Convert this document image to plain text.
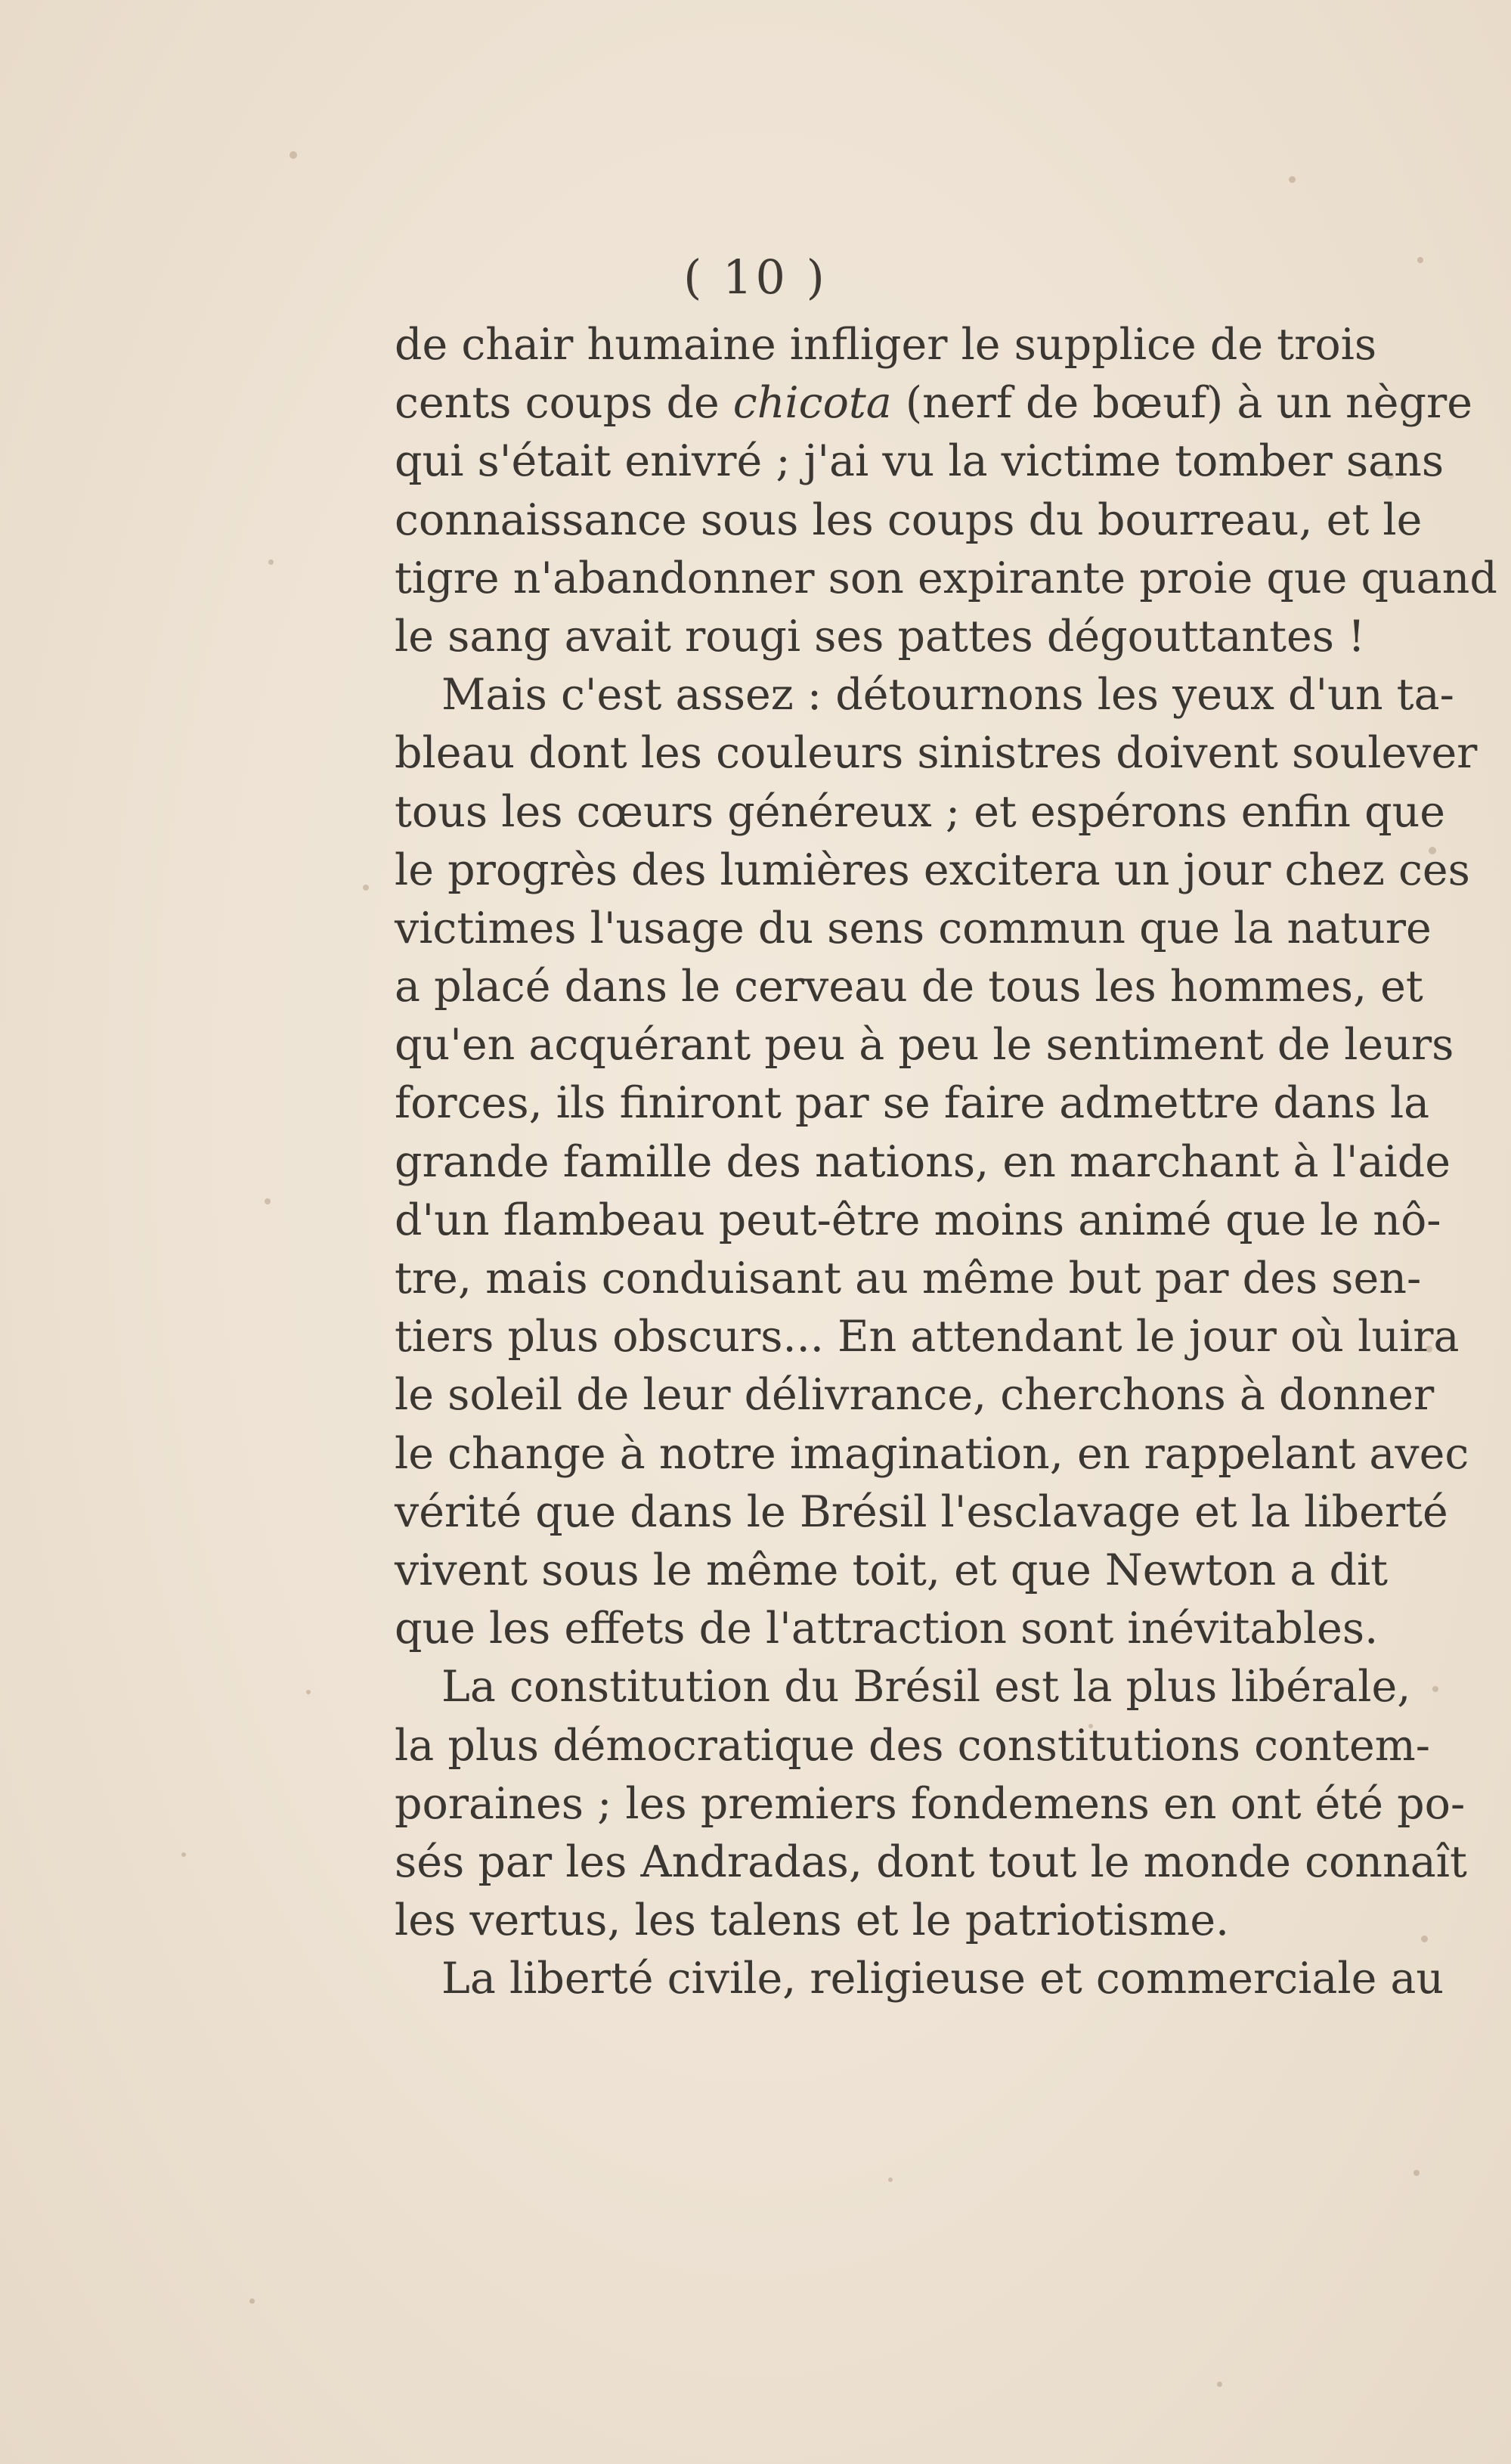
( 10 )
de chair humaine infliger le supplice de trois
cents coups de chicota (nerf de bœuf) à un nègre
qui s'était enivré ; j'ai vu la victime tomber sans
connaissance sous les coups du bourreau, et le
tigre n'abandonner son expirante proie que quand
le sang avait rougi ses pattes dégouttantes !
Mais c'est assez : détournons les yeux d'un ta-
bleau dont les couleurs sinistres doivent soulever
tous les cœurs généreux ; et espérons enfin que
le progrès des lumières excitera un jour chez ces
victimes l'usage du sens commun que la nature
a placé dans le cerveau de tous les hommes, et
qu'en acquérant peu à peu le sentiment de leurs
forces, ils finiront par se faire admettre dans la
grande famille des nations, en marchant à l'aide
d'un flambeau peut-être moins animé que le nô-
tre, mais conduisant au même but par des sen-
tiers plus obscurs... En attendant le jour où luira
le soleil de leur délivrance, cherchons à donner
le change à notre imagination, en rappelant avec
vérité que dans le Brésil l'esclavage et la liberté
vivent sous le même toit, et que Newton a dit
que les effets de l'attraction sont inévitables.
La constitution du Brésil est la plus libérale,
la plus démocratique des constitutions contem-
poraines ; les premiers fondemens en ont été po-
sés par les Andradas, dont tout le monde connaît
les vertus, les talens et le patriotisme.
La liberté civile, religieuse et commerciale au
